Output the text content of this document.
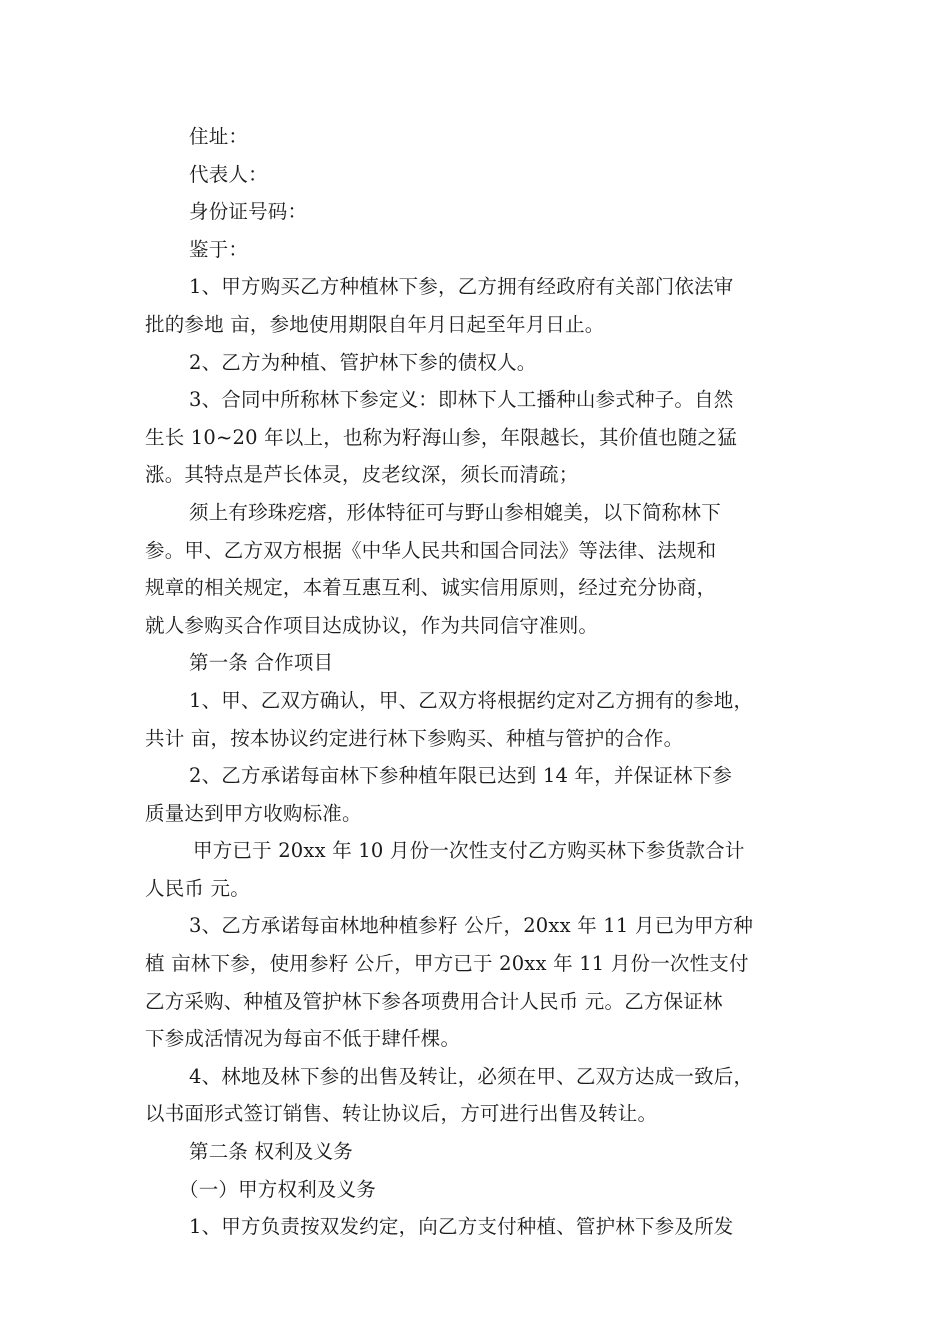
住址：
代表人：
身份证号码：
鉴于：
1、甲方购买乙方种植林下参，乙方拥有经政府有关部门依法审
批的参地 亩，参地使用期限自年月日起至年月日止。
2、乙方为种植、管护林下参的债权人。
3、合同中所称林下参定义：即林下人工播种山参式种子。自然
生长 10~20 年以上，也称为籽海山参，年限越长，其价值也随之猛
涨。其特点是芦长体灵，皮老纹深，须长而清疏；
须上有珍珠疙瘩，形体特征可与野山参相媲美，以下简称林下
参。甲、乙方双方根据《中华人民共和国合同法》等法律、法规和
规章的相关规定，本着互惠互利、诚实信用原则，经过充分协商，
就人参购买合作项目达成协议，作为共同信守准则。
第一条 合作项目
1、甲、乙双方确认，甲、乙双方将根据约定对乙方拥有的参地，
共计 亩，按本协议约定进行林下参购买、种植与管护的合作。
2、乙方承诺每亩林下参种植年限已达到 14 年，并保证林下参
质量达到甲方收购标准。
甲方已于 20xx 年 10 月份一次性支付乙方购买林下参货款合计
人民币 元。
3、乙方承诺每亩林地种植参籽 公斤，20xx 年 11 月已为甲方种
植 亩林下参，使用参籽 公斤，甲方已于 20xx 年 11 月份一次性支付
乙方采购、种植及管护林下参各项费用合计人民币 元。乙方保证林
下参成活情况为每亩不低于肆仟棵。
4、林地及林下参的出售及转让，必须在甲、乙双方达成一致后，
以书面形式签订销售、转让协议后，方可进行出售及转让。
第二条 权利及义务
（一）甲方权利及义务
1、甲方负责按双发约定，向乙方支付种植、管护林下参及所发
